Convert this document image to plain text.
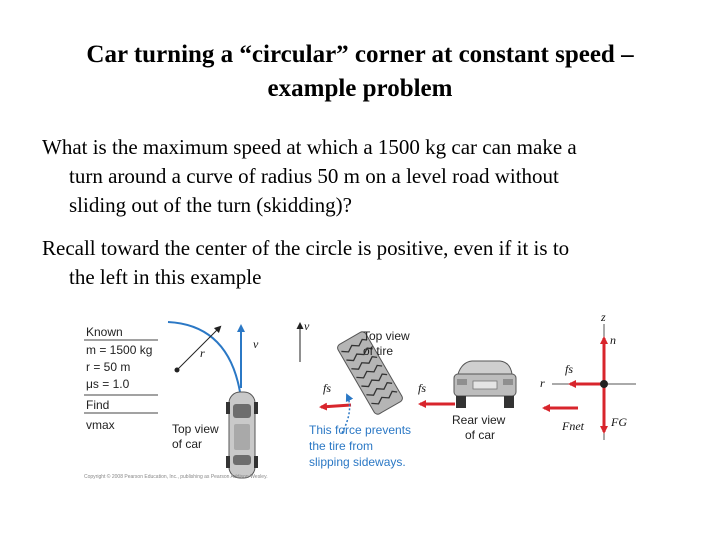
Car turning a “circular” corner at constant speed –
example problem
What is the maximum speed at which a 1500 kg car can make a
turn around a curve of radius 50 m on a level road without
sliding out of the turn (skidding)?
Recall toward the center of the circle is positive, even if it is to
the left in this example
Known
m = 1500 kg
r = 50 m
μs = 1.0
Find
vmax
r
v
Top view
of car
v
Top view
of tire
fs
This force prevents
the tire from
slipping sideways.
fs
Rear view
of car
z
r
n
fs
FG
Fnet
Copyright © 2008 Pearson Education, Inc., publishing as Pearson Addison-Wesley.
